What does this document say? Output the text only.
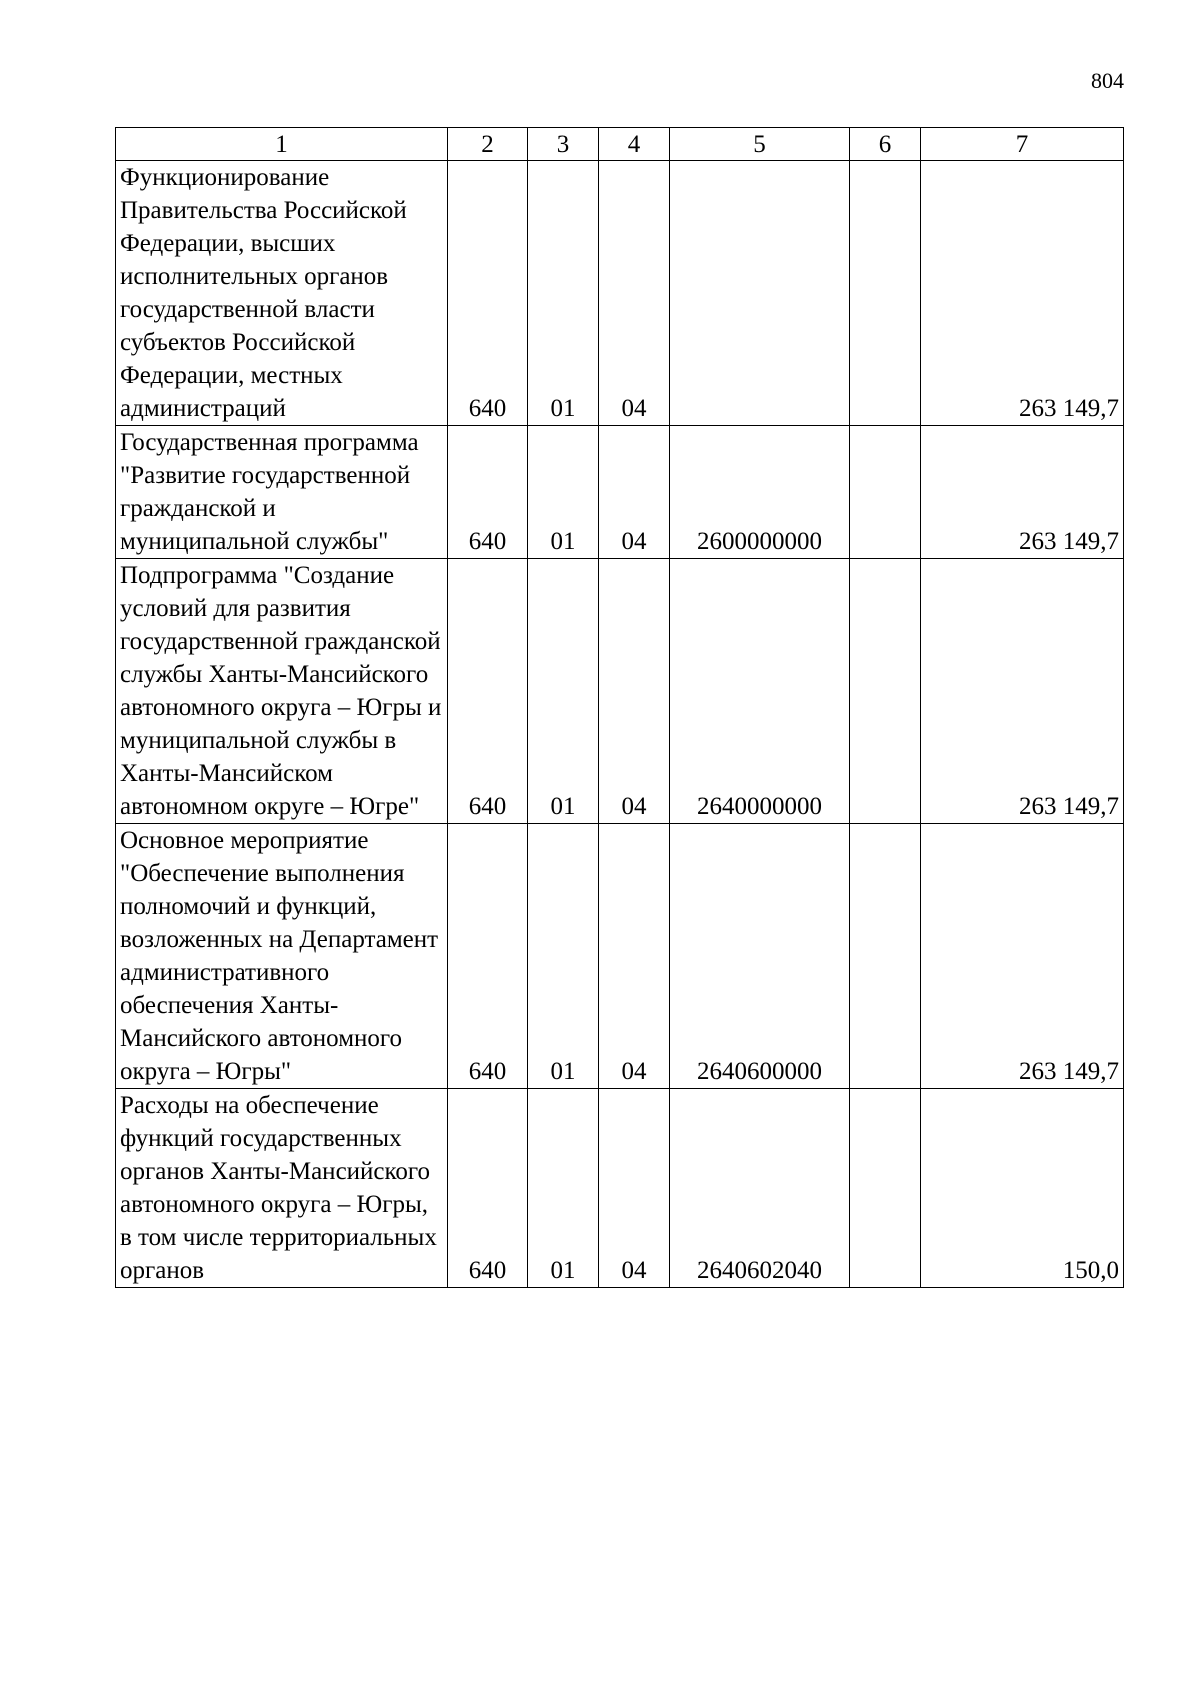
804
1	2	3	4	5	6	7
Функционирование Правительства Российской Федерации, высших исполнительных органов государственной власти субъектов Российской Федерации, местных администраций	640	01	04			263 149,7
Государственная программа "Развитие государственной гражданской и муниципальной службы"	640	01	04	2600000000		263 149,7
Подпрограмма "Создание условий для развития государственной гражданской службы Ханты-Мансийского автономного округа – Югры и муниципальной службы в Ханты-Мансийском автономном округе – Югре"	640	01	04	2640000000		263 149,7
Основное мероприятие "Обеспечение выполнения полномочий и функций, возложенных на Департамент административного обеспечения Ханты-Мансийского автономного округа – Югры"	640	01	04	2640600000		263 149,7
Расходы на обеспечение функций государственных органов Ханты-Мансийского автономного округа – Югры, в том числе территориальных органов	640	01	04	2640602040		150,0
